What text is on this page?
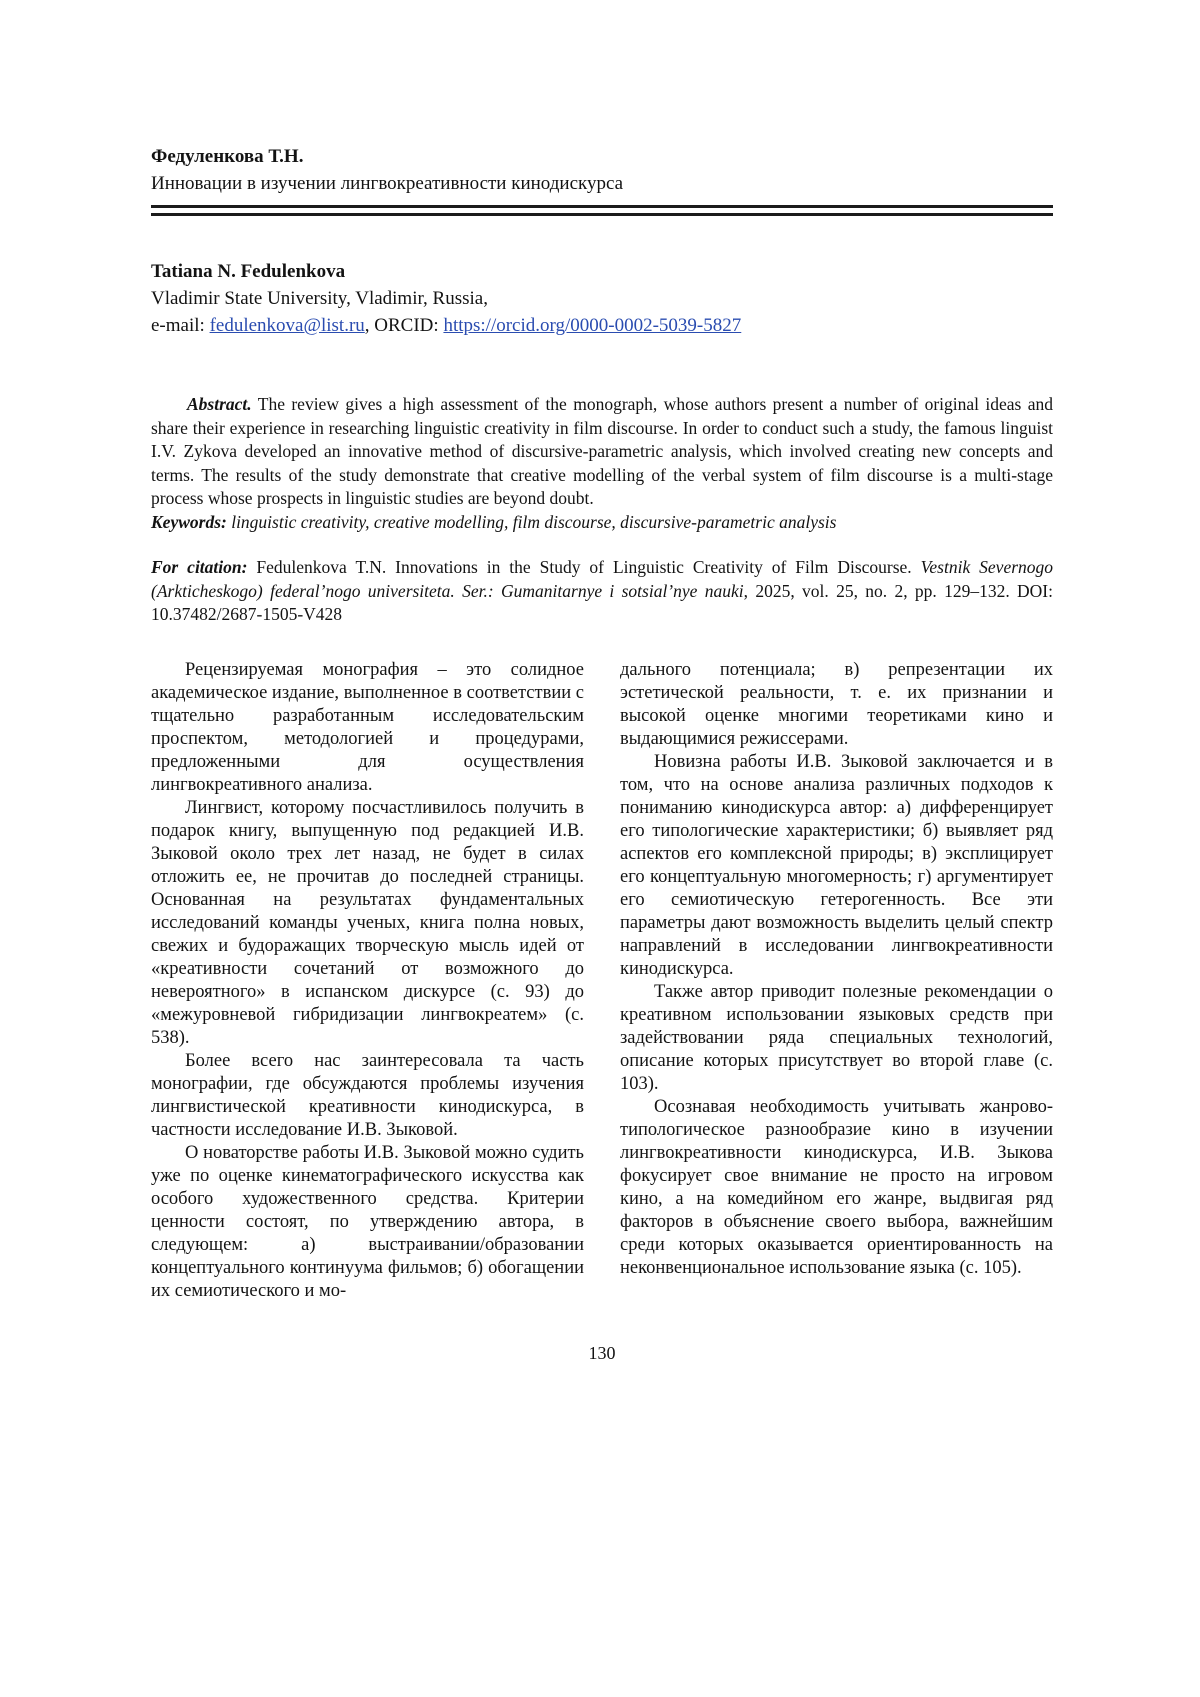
Федуленкова Т.Н.
Инновации в изучении лингвокреативности кинодискурса
Tatiana N. Fedulenkova
Vladimir State University, Vladimir, Russia,
e-mail: fedulenkova@list.ru, ORCID: https://orcid.org/0000-0002-5039-5827

Abstract. The review gives a high assessment of the monograph, whose authors present a number of original ideas and share their experience in researching linguistic creativity in film discourse. In order to conduct such a study, the famous linguist I.V. Zykova developed an innovative method of discursive-parametric analysis, which involved creating new concepts and terms. The results of the study demonstrate that creative modelling of the verbal system of film discourse is a multi-stage process whose prospects in linguistic studies are beyond doubt.

Keywords: linguistic creativity, creative modelling, film discourse, discursive-parametric analysis

For citation: Fedulenkova T.N. Innovations in the Study of Linguistic Creativity of Film Discourse. Vestnik Severnogo (Arkticheskogo) federal’nogo universiteta. Ser.: Gumanitarnye i sotsial’nye nauki, 2025, vol. 25, no. 2, pp. 129–132. DOI: 10.37482/2687-1505-V428

Рецензируемая монография – это солидное академическое издание, выполненное в соответствии с тщательно разработанным исследовательским проспектом, методологией и процедурами, предложенными для осуществления лингвокреативного анализа.

Лингвист, которому посчастливилось получить в подарок книгу, выпущенную под редакцией И.В. Зыковой около трех лет назад, не будет в силах отложить ее, не прочитав до последней страницы. Основанная на результатах фундаментальных исследований команды ученых, книга полна новых, свежих и будоражащих творческую мысль идей от «креативности сочетаний от возможного до невероятного» в испанском дискурсе (с. 93) до «межуровневой гибридизации лингвокреатем» (с. 538).

Более всего нас заинтересовала та часть монографии, где обсуждаются проблемы изучения лингвистической креативности кинодискурса, в частности исследование И.В. Зыковой.

О новаторстве работы И.В. Зыковой можно судить уже по оценке кинематографического искусства как особого художественного средства. Критерии ценности состоят, по утверждению автора, в следующем: а) выстраивании/образовании концептуального континуума фильмов; б) обогащении их семиотического и мо-

дального потенциала; в) репрезентации их эстетической реальности, т. е. их признании и высокой оценке многими теоретиками кино и выдающимися режиссерами.

Новизна работы И.В. Зыковой заключается и в том, что на основе анализа различных подходов к пониманию кинодискурса автор: а) дифференцирует его типологические характеристики; б) выявляет ряд аспектов его комплексной природы; в) эксплицирует его концептуальную многомерность; г) аргументирует его семиотическую гетерогенность. Все эти параметры дают возможность выделить целый спектр направлений в исследовании лингвокреативности кинодискурса.

Также автор приводит полезные рекомендации о креативном использовании языковых средств при задействовании ряда специальных технологий, описание которых присутствует во второй главе (с. 103).

Осознавая необходимость учитывать жанрово-типологическое разнообразие кино в изучении лингвокреативности кинодискурса, И.В. Зыкова фокусирует свое внимание не просто на игровом кино, а на комедийном его жанре, выдвигая ряд факторов в объяснение своего выбора, важнейшим среди которых оказывается ориентированность на неконвенциональное использование языка (с. 105).

130
